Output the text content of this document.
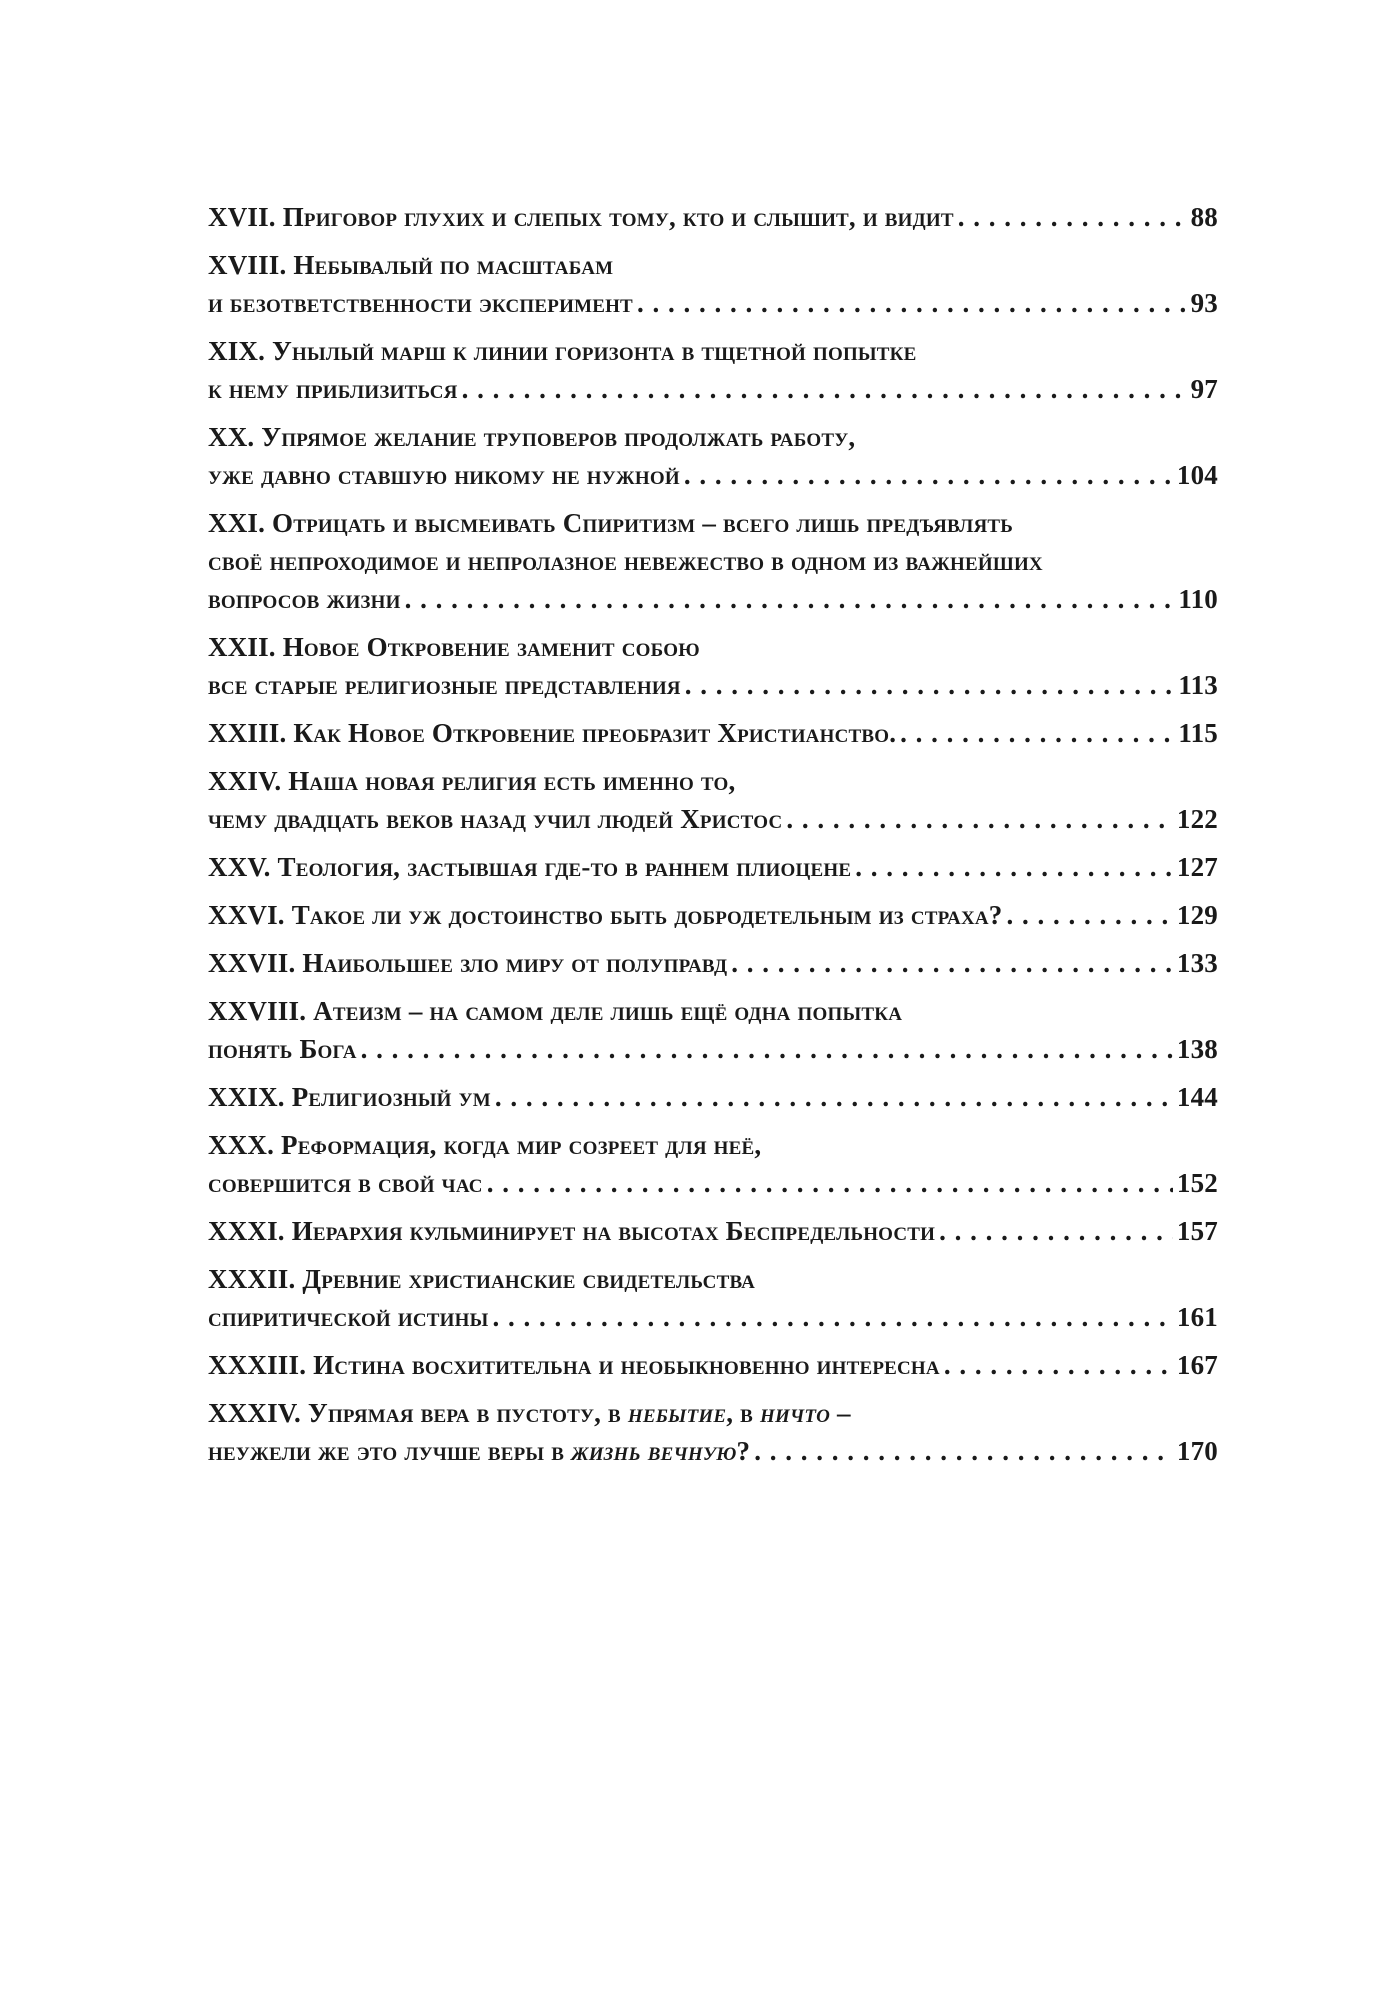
XVII. Приговор глухих и слепых тому, кто и слышит, и видит . . .	88
XVIII. Небывалый по масштабам
и безответственности эксперимент . . .	93
XIX. Унылый марш к линии горизонта в тщетной попытке
к нему приблизиться . . .	97
XX. Упрямое желание труповеров продолжать работу,
уже давно ставшую никому не нужной . . .	104
XXI. Отрицать и высмеивать Спиритизм – всего лишь предъявлять
своё непроходимое и непролазное невежество в одном из важнейших
вопросов жизни . . .	110
XXII. Новое Откровение заменит собою
все старые религиозные представления . . .	113
XXIII. Как Новое Откровение преобразит Христианство. . . .	115
XXIV. Наша новая религия есть именно то,
чему двадцать веков назад учил людей Христос . . .	122
XXV. Теология, застывшая где-то в раннем плиоцене . . .	127
XXVI. Такое ли уж достоинство быть добродетельным из страха? . . .	129
XXVII. Наибольшее зло миру от полуправд . . .	133
XXVIII. Атеизм – на самом деле лишь ещё одна попытка
понять Бога . . .	138
XXIX. Религиозный ум . . .	144
XXX. Реформация, когда мир созреет для неё,
совершится в свой час . . .	152
XXXI. Иерархия кульминирует на высотах Беспредельности . . .	157
XXXII. Древние христианские свидетельства
спиритической истины . . .	161
XXXIII. Истина восхитительна и необыкновенно интересна . . .	167
XXXIV. Упрямая вера в пустоту, в небытие , в ничто –
неужели же это лучше веры в жизнь вечную ? . . .	170
